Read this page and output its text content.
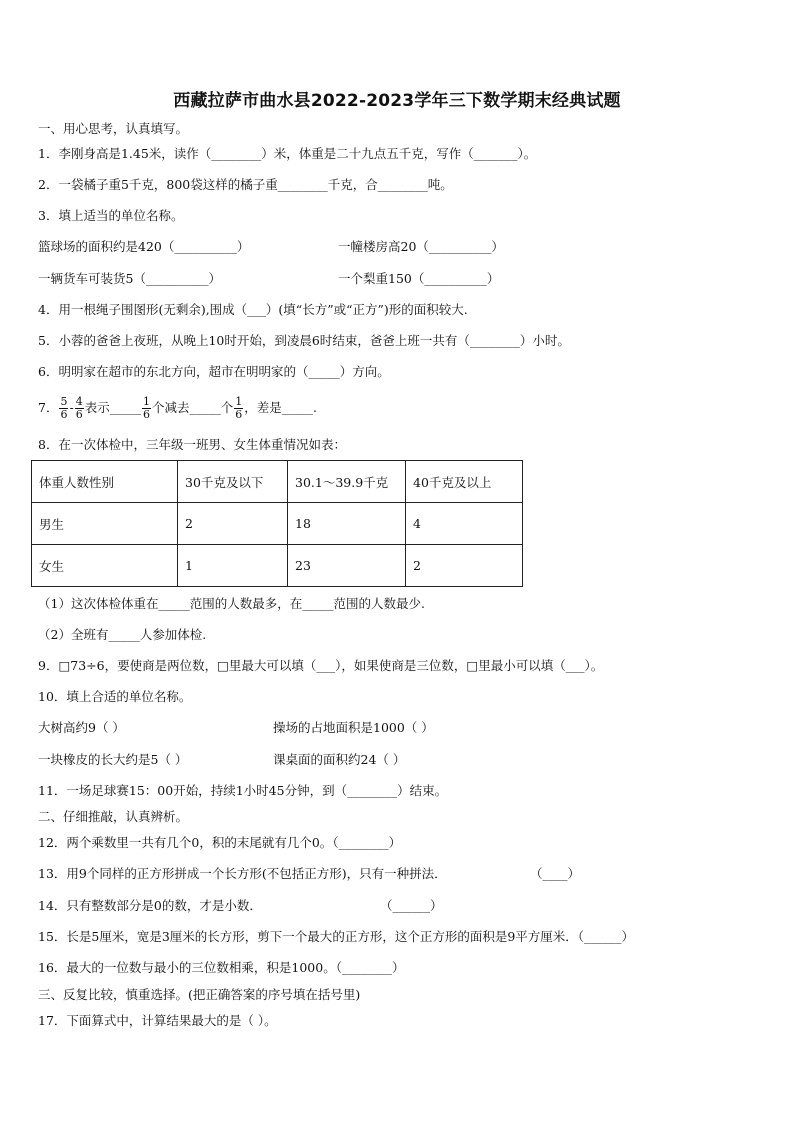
西藏拉萨市曲水县2022-2023学年三下数学期末经典试题
一、用心思考，认真填写。
1．李刚身高是1.45米，读作（________）米，体重是二十九点五千克，写作（_______）。
2．一袋橘子重5千克，800袋这样的橘子重________千克，合________吨。
3．填上适当的单位名称。
篮球场的面积约是420（__________）	一幢楼房高20（__________）
一辆货车可装货5（__________）	一个梨重150（__________）
4．用一根绳子围图形(无剩余),围成（___）(填“长方”或“正方”)形的面积较大.
5．小蓉的爸爸上夜班，从晚上10时开始，到凌晨6时结束，爸爸上班一共有（________）小时。
6．明明家在超市的东北方向，超市在明明家的（_____）方向。
7． $\frac{5}{6} - \frac{4}{6}$ 表示_____ $\frac{1}{6}$ 个减去_____个 $\frac{1}{6}$ ，差是_____.
8．在一次体检中，三年级一班男、女生体重情况如表：
体重人数性别	30千克及以下	30.1～39.9千克	40千克及以上
男生	2	18	4
女生	1	23	2
（1）这次体检体重在_____范围的人数最多，在_____范围的人数最少.
（2）全班有_____人参加体检.
9．□73÷6，要使商是两位数，□里最大可以填（___），如果使商是三位数，□里最小可以填（___）。
10．填上合适的单位名称。
大树高约9（ ）	操场的占地面积是1000（ ）
一块橡皮的长大约是5（ ）	课桌面的面积约24（ ）
11．一场足球赛15：00开始，持续1小时45分钟，到（________）结束。
二、仔细推敲，认真辨析。
12．两个乘数里一共有几个0，积的末尾就有几个0。（________）
13．用9个同样的正方形拼成一个长方形(不包括正方形)，只有一种拼法．	（____）
14．只有整数部分是0的数，才是小数．	（______）
15．长是5厘米，宽是3厘米的长方形，剪下一个最大的正方形，这个正方形的面积是9平方厘米．（______）
16．最大的一位数与最小的三位数相乘，积是1000。（________）
三、反复比较，慎重选择。(把正确答案的序号填在括号里)
17．下面算式中，计算结果最大的是（ ）。
